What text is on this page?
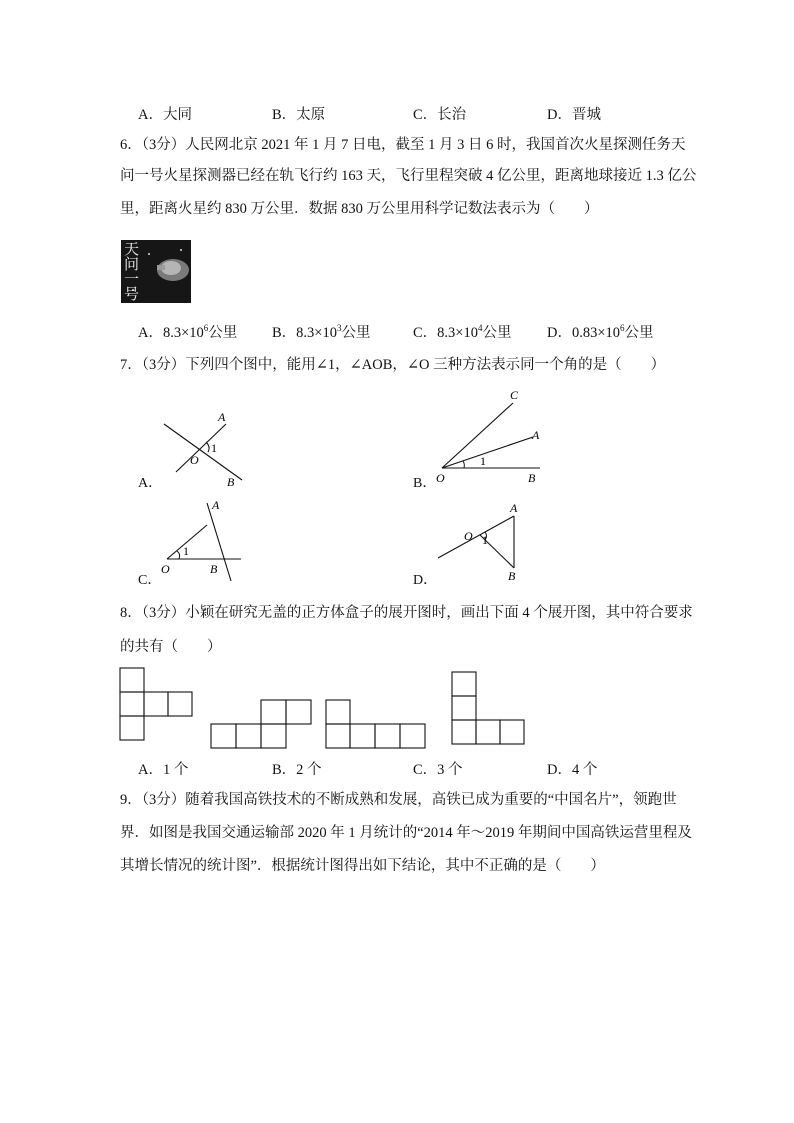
A．大同	B．太原	C．长治	D．晋城
6．（3分）人民网北京 2021 年 1 月 7 日电，截至 1 月 3 日 6 时，我国首次火星探测任务天
问一号火星探测器已经在轨飞行约 163 天，飞行里程突破 4 亿公里，距离地球接近 1.3 亿公
里，距离火星约 830 万公里．数据 830 万公里用科学记数法表示为（　　）
天问一号
A．$8.3\times 10^6$公里 B．$8.3\times 10^3$公里	C．$8.3\times 10^4$公里 D．$0.83\times 10^6$公里
7．（3分）下列四个图中，能用∠1，∠AOB，∠O 三种方法表示同一个角的是（　　）
A．
A
1
O
B	B．
C
A
1
O	B
C．
A
1
O	B
D．
A
O 1
B
8．（3分）小颖在研究无盖的正方体盒子的展开图时，画出下面 4 个展开图，其中符合要求
的共有（　　）
A．1 个	B．2 个	C．3 个	D．4 个
9．（3分）随着我国高铁技术的不断成熟和发展，高铁已成为重要的“中国名片”，领跑世
界．如图是我国交通运输部 2020 年 1 月统计的“2014 年～2019 年期间中国高铁运营里程及
其增长情况的统计图”．根据统计图得出如下结论，其中不正确的是（　　）
